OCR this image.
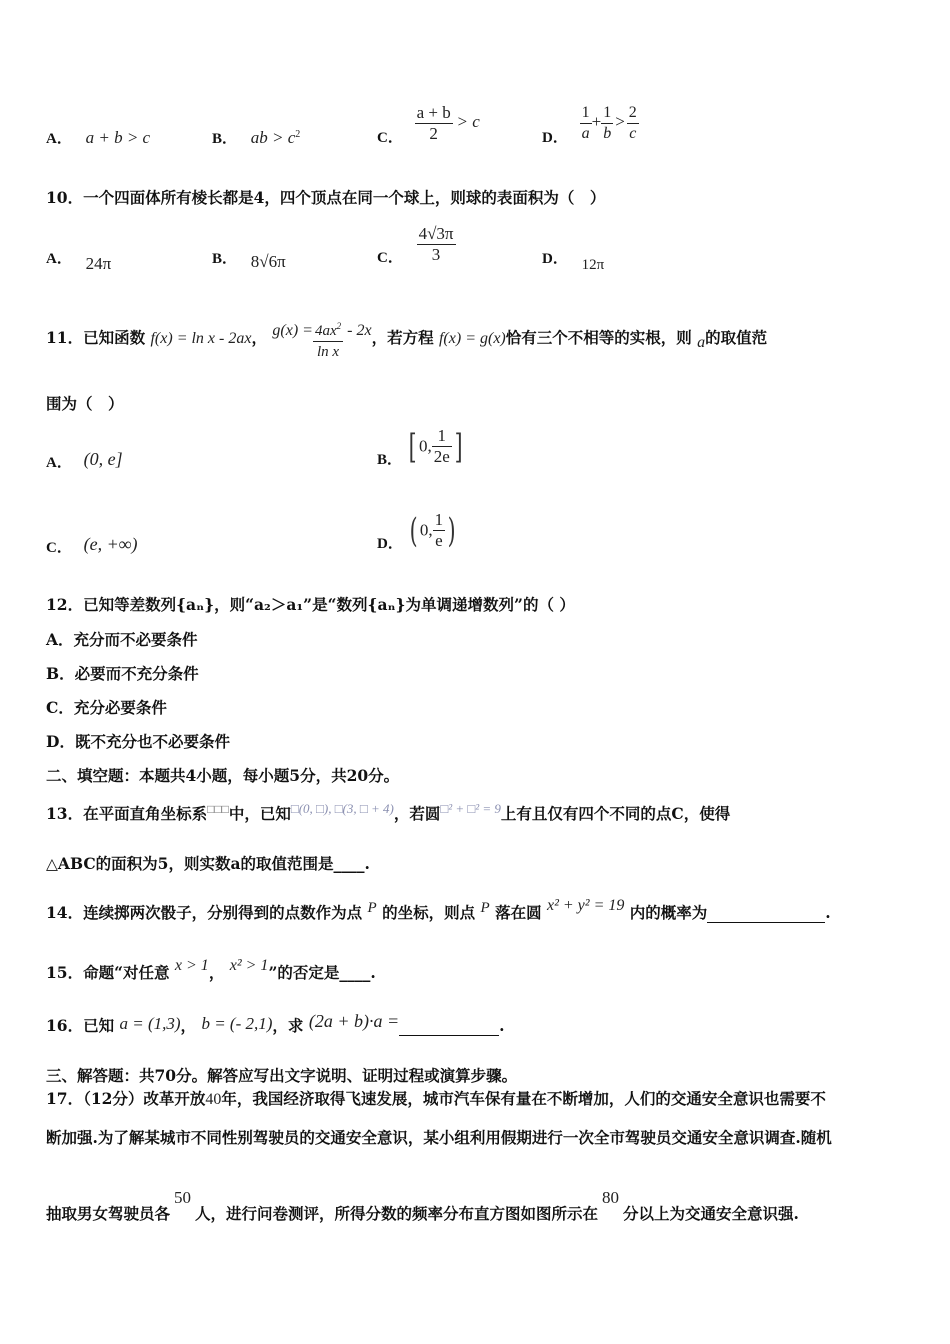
A． a + b > c	B． ab > $c^2$	C． $\frac{a + b}{2} > c$
D． $\frac{1}{a} + \frac{1}{b} > \frac{2}{c}$
10．一个四面体所有棱长都是4，四个顶点在同一个球上，则球的表面积为（　）
A． 24π	B． 8√6π	C． $\frac{4√3\pi}{3}$	D． 12π
11．已知函数 f(x) = ln x - 2ax， $g(x) = \frac{4ax^2}{\text{ln x}} - 2x$，若方程 f(x) = g(x)恰有三个不相等的实根，则 a的取值范
围为（　）
A． (0, e]	B． [ 0, $\frac{1}{2e}$ ]
C． (e, +∞)	D． ( 0, $\frac{1}{e}$ )
12．已知等差数列{aₙ}，则“a₂＞a₁”是“数列{aₙ}为单调递增数列”的（ ）
A．充分而不必要条件
B．必要而不充分条件
C．充分必要条件
D．既不充分也不必要条件
二、填空题：本题共4小题，每小题5分，共20分。
13．在平面直角坐标系□□□中，已知$^{□(0, □), □(3, □ + 4)}$，若圆$^{□^2 + □^2 = 9}$上有且仅有四个不同的点C，使得
△ABC的面积为5，则实数a的取值范围是____.
14．连续掷两次骰子，分别得到的点数作为点 P 的坐标，则点 P 落在圆 x² + y² = 19 内的概率为	.
15．命题“对任意 x > 1， x² > 1”的否定是____.
16．已知 a = (1,3)， b = (- 2,1)，求 (2a + b)·a =	.
三、解答题：共70分。解答应写出文字说明、证明过程或演算步骤。
17．（12分）改革开放40年，我国经济取得飞速发展，城市汽车保有量在不断增加，人们的交通安全意识也需要不
断加强.为了解某城市不同性别驾驶员的交通安全意识，某小组利用假期进行一次全市驾驶员交通安全意识调查.随机
抽取男女驾驶员各50人，进行问卷测评，所得分数的频率分布直方图如图所示在80分以上为交通安全意识强.
